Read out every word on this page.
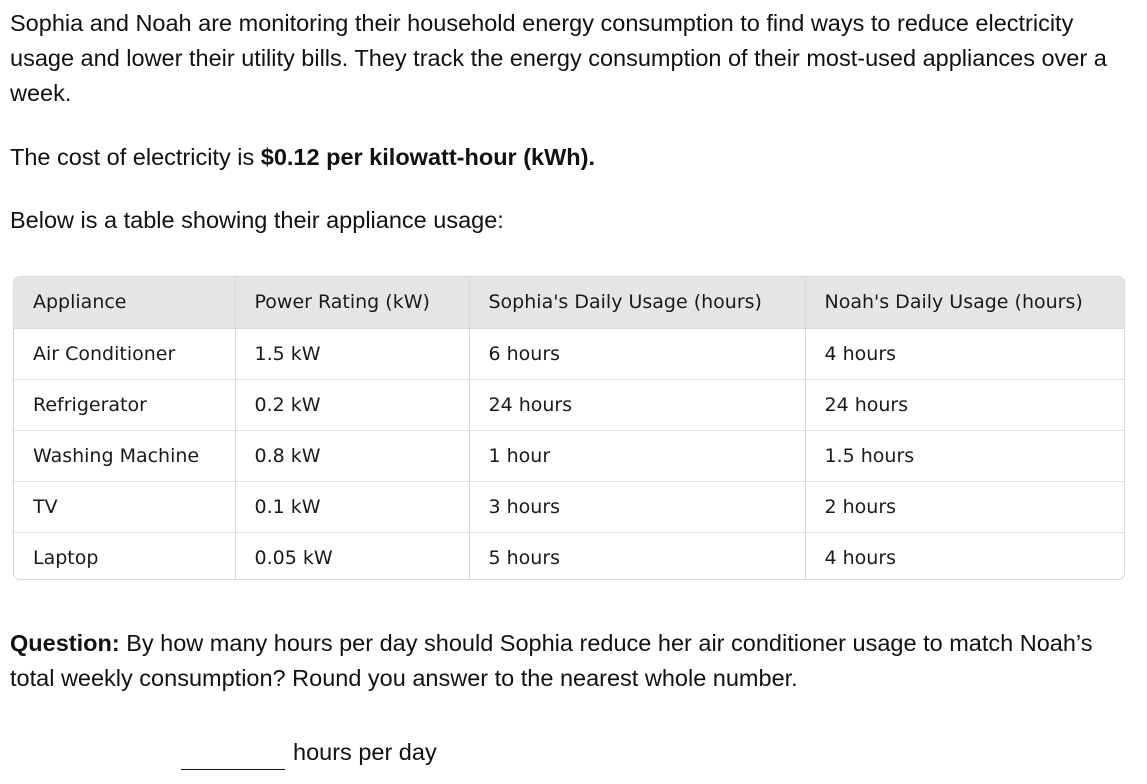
Sophia and Noah are monitoring their household energy consumption to find ways to reduce electricity usage and lower their utility bills. They track the energy consumption of their most-used appliances over a week.

The cost of electricity is $0.12 per kilowatt-hour (kWh).

Below is a table showing their appliance usage:

Appliance	Power Rating (kW)	Sophia's Daily Usage (hours)	Noah's Daily Usage (hours)
Air Conditioner	1.5 kW	6 hours	4 hours
Refrigerator	0.2 kW	24 hours	24 hours
Washing Machine	0.8 kW	1 hour	1.5 hours
TV	0.1 kW	3 hours	2 hours
Laptop	0.05 kW	5 hours	4 hours

Question: By how many hours per day should Sophia reduce her air conditioner usage to match Noah’s total weekly consumption? Round you answer to the nearest whole number.

hours per day
